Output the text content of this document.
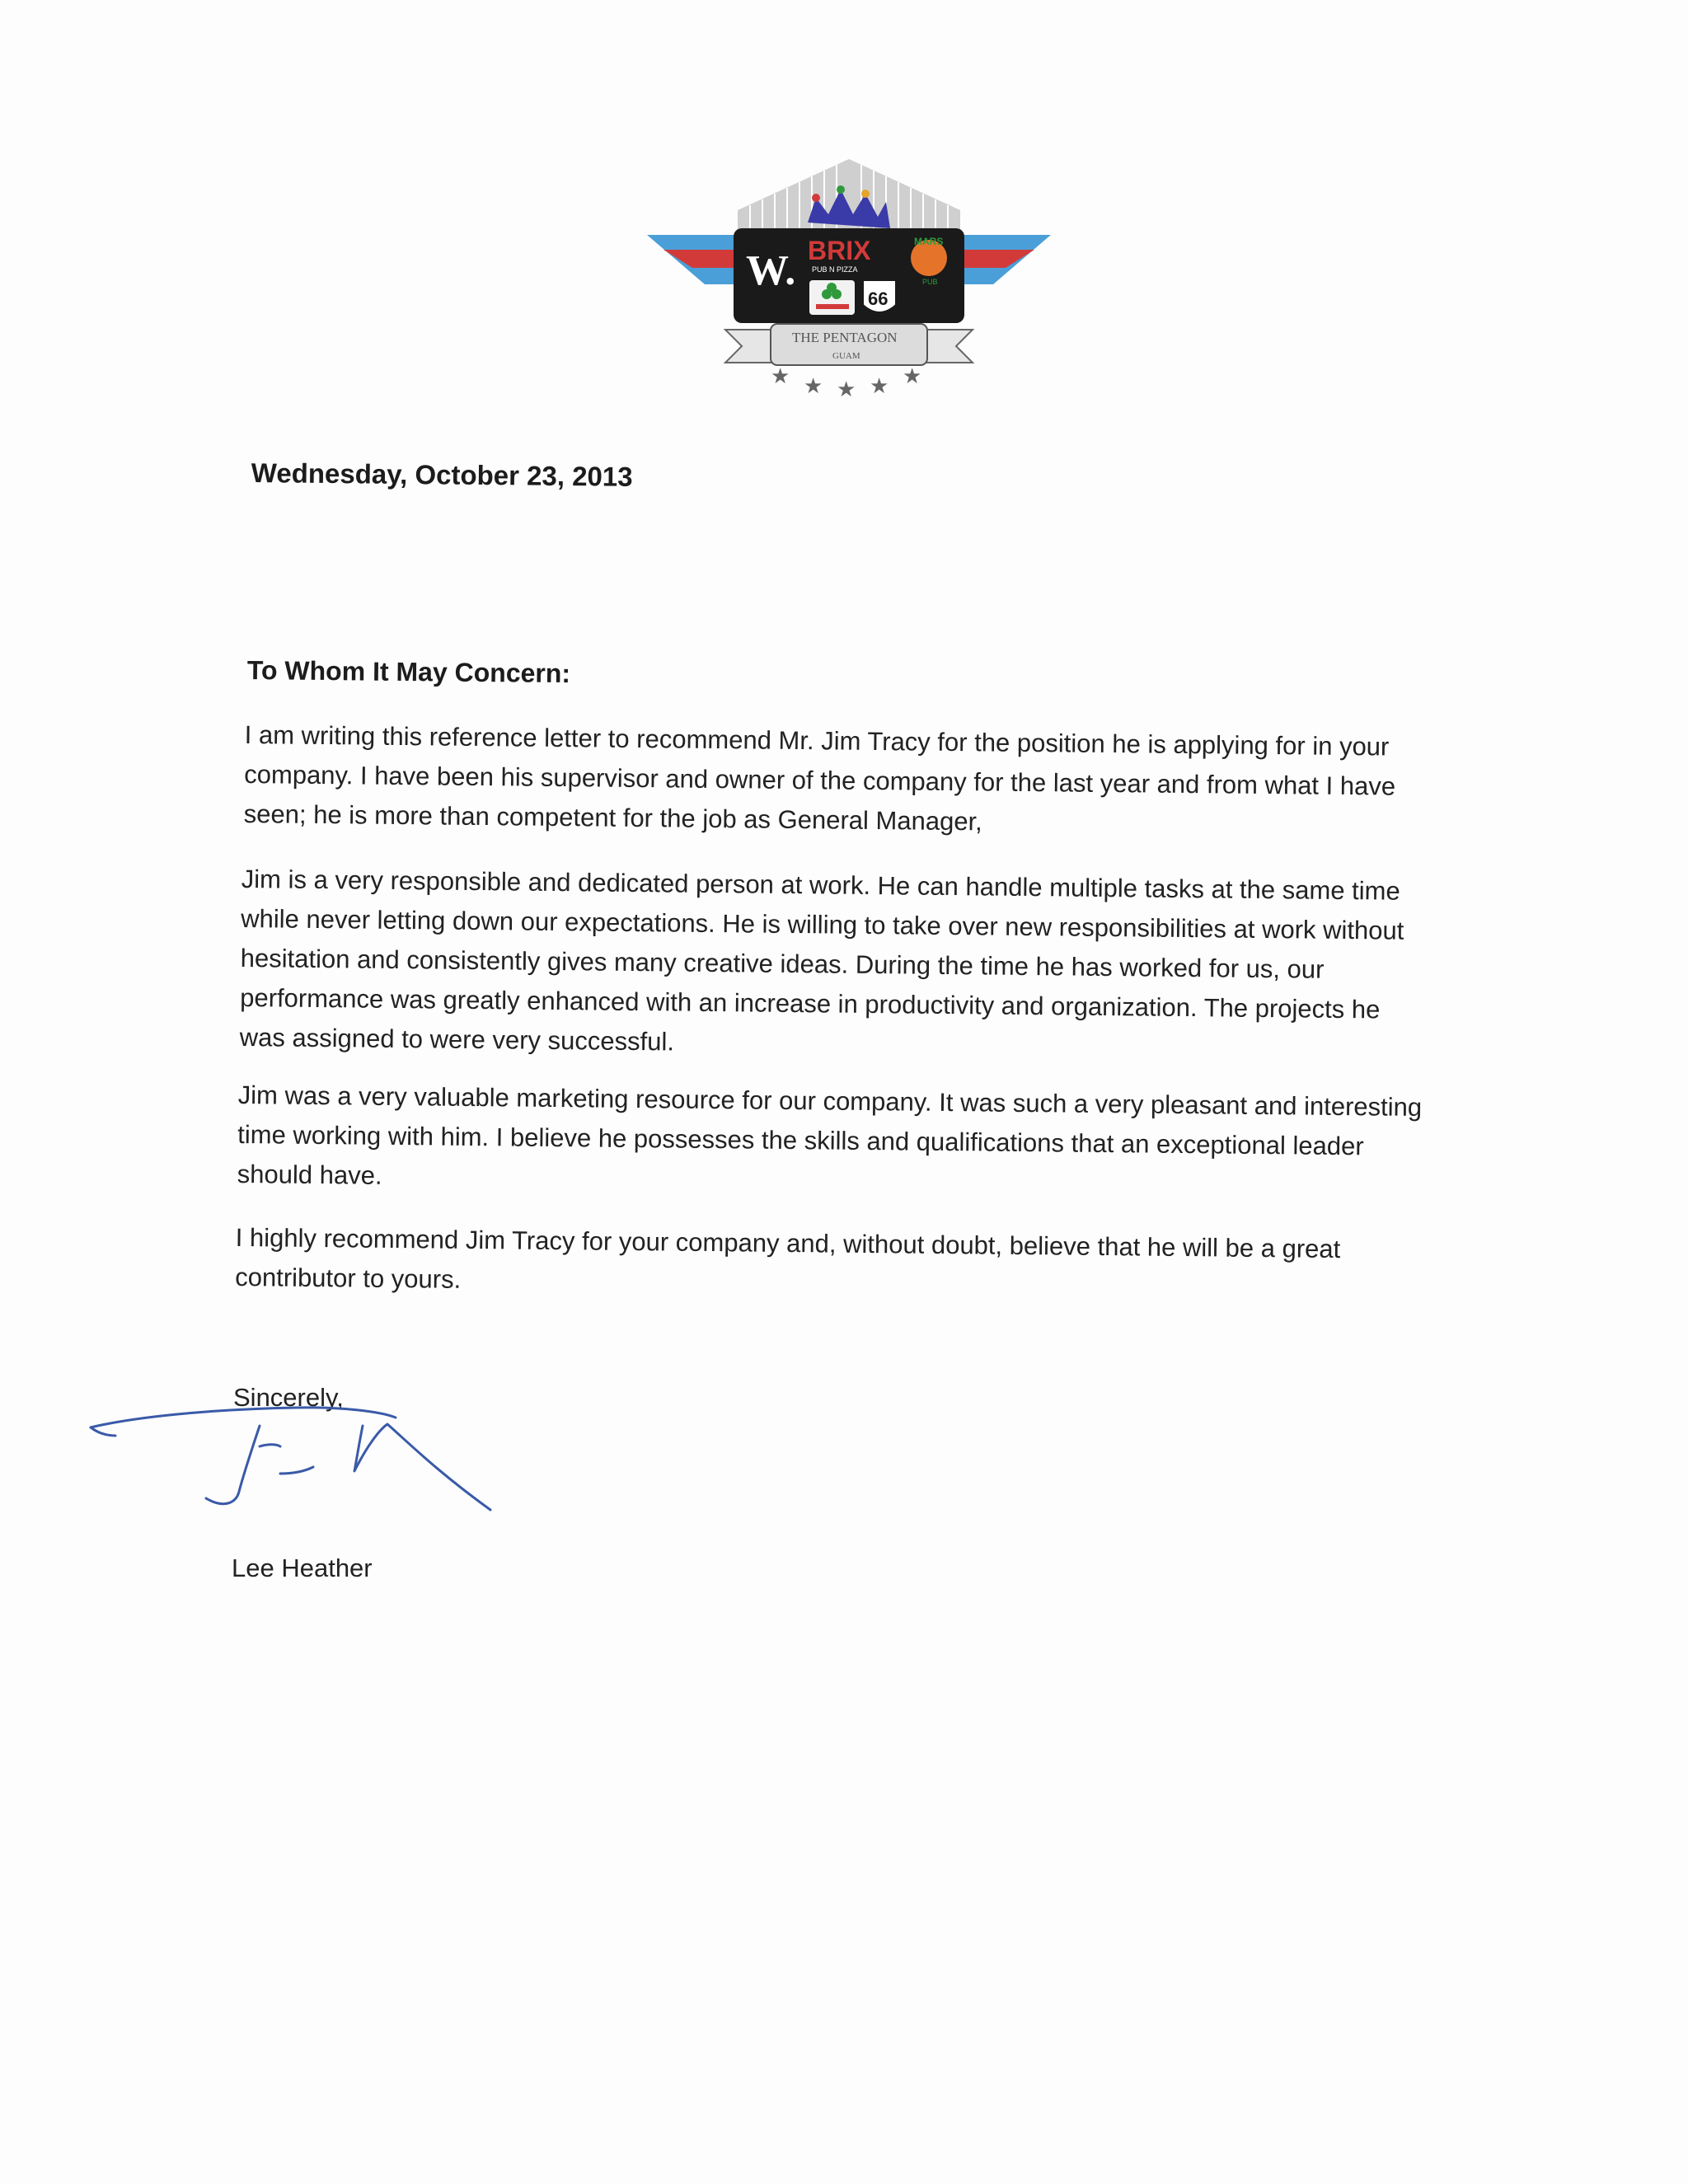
W. BRIX
PUB N PIZZA
MARS
PUB
66
THE PENTAGON
GUAM
★ ★ ★ ★ ★
Wednesday, October 23, 2013
To Whom It May Concern:

I am writing this reference letter to recommend Mr. Jim Tracy for the position he is applying for in your company. I have been his supervisor and owner of the company for the last year and from what I have seen; he is more than competent for the job as General Manager,

Jim is a very responsible and dedicated person at work. He can handle multiple tasks at the same time while never letting down our expectations. He is willing to take over new responsibilities at work without hesitation and consistently gives many creative ideas. During the time he has worked for us, our performance was greatly enhanced with an increase in productivity and organization. The projects he was assigned to were very successful.

Jim was a very valuable marketing resource for our company. It was such a very pleasant and interesting time working with him. I believe he possesses the skills and qualifications that an exceptional leader should have.

I highly recommend Jim Tracy for your company and, without doubt, believe that he will be a great contributor to yours.

Sincerely,
Lee Heather
